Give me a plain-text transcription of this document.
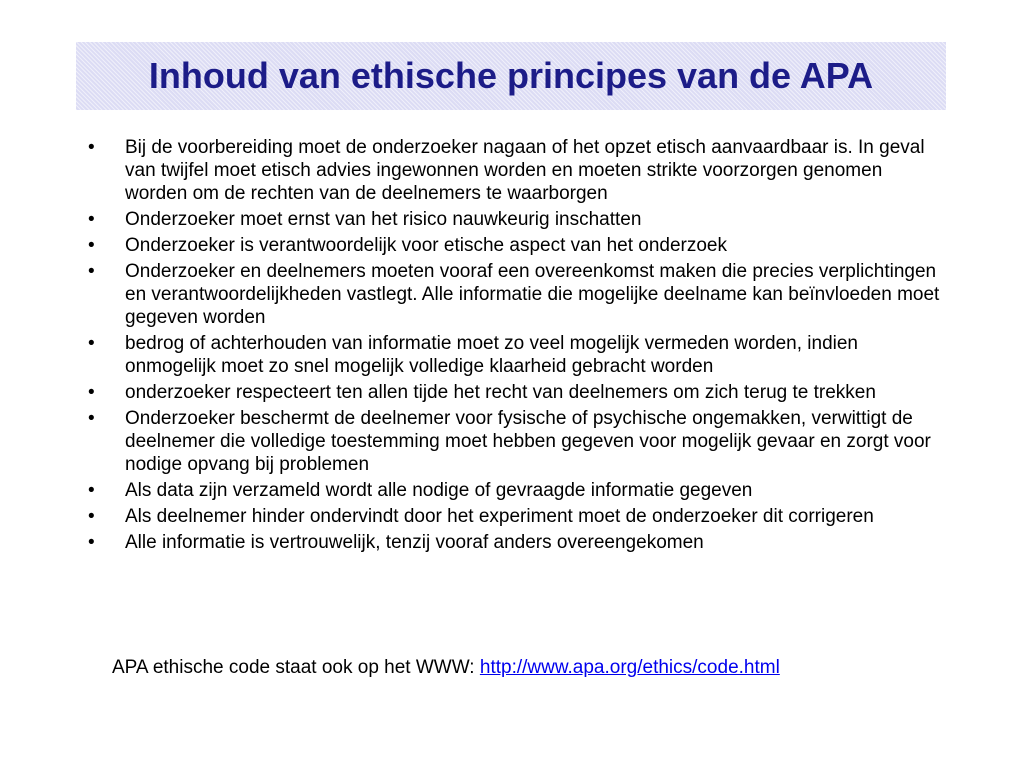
Inhoud van ethische principes van de APA
•	Bij de voorbereiding moet de onderzoeker nagaan of het opzet etisch aanvaardbaar is. In geval van twijfel moet etisch advies ingewonnen worden en moeten strikte voorzorgen genomen worden om de rechten van de deelnemers te waarborgen
•	Onderzoeker moet ernst van het risico nauwkeurig inschatten
•	Onderzoeker is verantwoordelijk voor etische aspect van het onderzoek
•	Onderzoeker en deelnemers moeten vooraf een overeenkomst maken die precies verplichtingen en verantwoordelijkheden vastlegt. Alle informatie die mogelijke deelname kan beïnvloeden moet gegeven worden
•	bedrog of achterhouden van informatie moet zo veel mogelijk vermeden worden, indien onmogelijk moet zo snel mogelijk volledige klaarheid gebracht worden
•	onderzoeker respecteert ten allen tijde het recht van deelnemers om zich terug te trekken
•	Onderzoeker beschermt de deelnemer voor fysische of psychische ongemakken, verwittigt de deelnemer die volledige toestemming moet hebben gegeven voor mogelijk gevaar en zorgt voor nodige opvang bij problemen
•	Als data zijn verzameld wordt alle nodige of gevraagde informatie gegeven
•	Als deelnemer hinder ondervindt door het experiment moet de onderzoeker dit corrigeren
•	Alle informatie is vertrouwelijk, tenzij vooraf anders overeengekomen
APA ethische code staat ook op het WWW: http://www.apa.org/ethics/code.html
